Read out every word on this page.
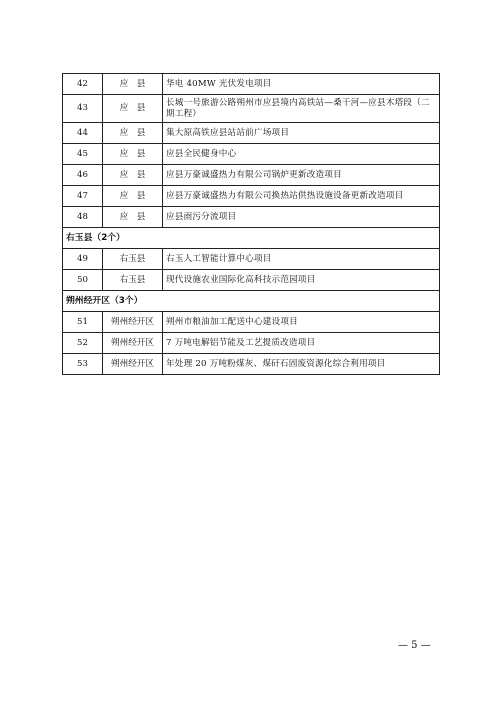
42	应　县	华电 40MW 光伏发电项目
43	应　县	长城一号旅游公路朔州市应县境内高铁站—桑干河—应县木塔段（二期工程）
44	应　县	集大原高铁应县站站前广场项目
45	应　县	应县全民健身中心
46	应　县	应县万豪诚盛热力有限公司锅炉更新改造项目
47	应　县	应县万豪诚盛热力有限公司换热站供热设施设备更新改造项目
48	应　县	应县雨污分流项目
右玉县（2个）		
49	右玉县	右玉人工智能计算中心项目
50	右玉县	现代设施农业国际化高科技示范园项目
朔州经开区（3个）		
51	朔州经开区	朔州市粮油加工配送中心建设项目
52	朔州经开区	7 万吨电解铝节能及工艺提质改造项目
53	朔州经开区	年处理 20 万吨粉煤灰、煤矸石固废资源化综合利用项目
— 5 —
